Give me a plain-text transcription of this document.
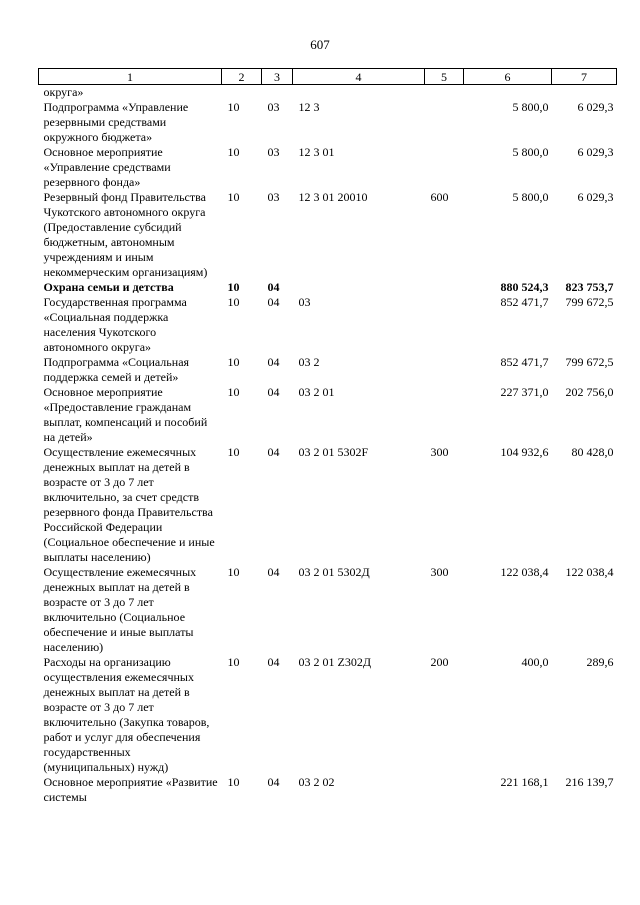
607
1	2	3	4	5	6	7
округа»						
Подпрограмма «Управление резервными средствами окружного бюджета»	10	03	12 3		5 800,0	6 029,3
Основное мероприятие «Управление средствами резервного фонда»	10	03	12 3 01		5 800,0	6 029,3
Резервный фонд Правительства Чукотского автономного округа (Предоставление субсидий бюджетным, автономным учреждениям и иным некоммерческим организациям)	10	03	12 3 01 20010	600	5 800,0	6 029,3
Охрана семьи и детства	10	04			880 524,3	823 753,7
Государственная программа «Социальная поддержка населения Чукотского автономного округа»	10	04	03		852 471,7	799 672,5
Подпрограмма «Социальная поддержка семей и детей»	10	04	03 2		852 471,7	799 672,5
Основное мероприятие «Предоставление гражданам выплат, компенсаций и пособий на детей»	10	04	03 2 01		227 371,0	202 756,0
Осуществление ежемесячных денежных выплат на детей в возрасте от 3 до 7 лет включительно, за счет средств резервного фонда Правительства Российской Федерации (Социальное обеспечение и иные выплаты населению)	10	04	03 2 01 5302F	300	104 932,6	80 428,0
Осуществление ежемесячных денежных выплат на детей в возрасте от 3 до 7 лет включительно (Социальное обеспечение и иные выплаты населению)	10	04	03 2 01 5302Д	300	122 038,4	122 038,4
Расходы на организацию осуществления ежемесячных денежных выплат на детей в возрасте от 3 до 7 лет включительно (Закупка товаров, работ и услуг для обеспечения государственных (муниципальных) нужд)	10	04	03 2 01 Z302Д	200	400,0	289,6
Основное мероприятие «Развитие системы	10	04	03 2 02		221 168,1	216 139,7
